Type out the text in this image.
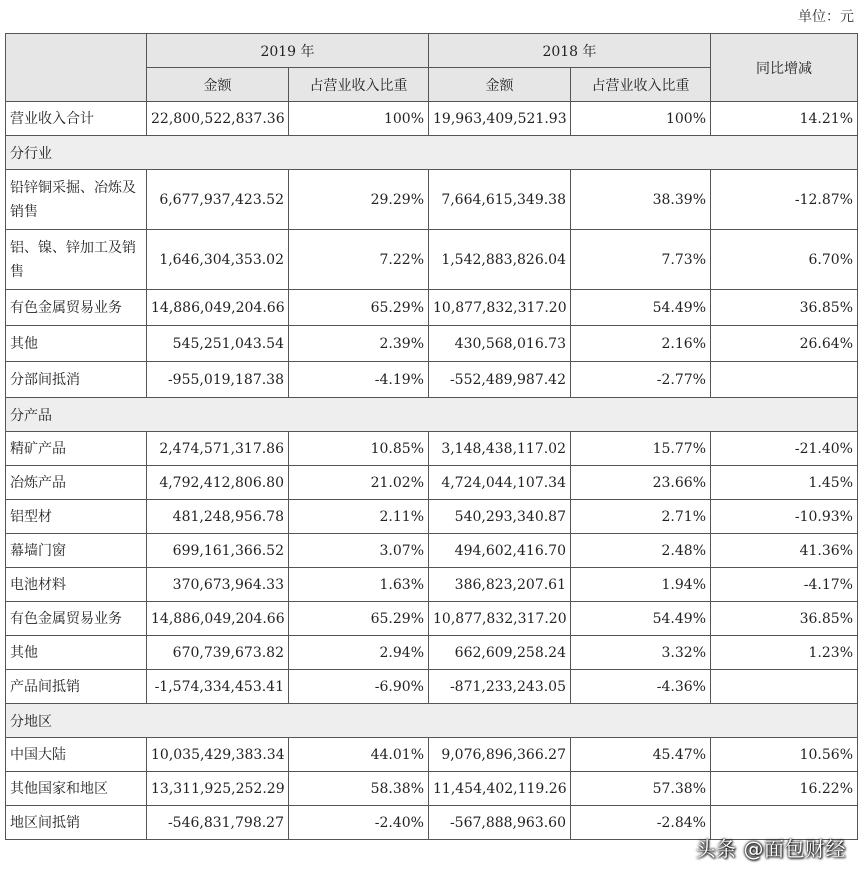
单位：元
	2019 年		2018 年		同比增减
	金额	占营业收入比重	金额	占营业收入比重	
营业收入合计	22,800,522,837.36	100%	19,963,409,521.93	100%	14.21%
分行业					
铅锌铜采掘、冶炼及销售	6,677,937,423.52	29.29%	7,664,615,349.38	38.39%	-12.87%
铝、镍、锌加工及销售	1,646,304,353.02	7.22%	1,542,883,826.04	7.73%	6.70%
有色金属贸易业务	14,886,049,204.66	65.29%	10,877,832,317.20	54.49%	36.85%
其他	545,251,043.54	2.39%	430,568,016.73	2.16%	26.64%
分部间抵消	-955,019,187.38	-4.19%	-552,489,987.42	-2.77%	
分产品					
精矿产品	2,474,571,317.86	10.85%	3,148,438,117.02	15.77%	-21.40%
冶炼产品	4,792,412,806.80	21.02%	4,724,044,107.34	23.66%	1.45%
铝型材	481,248,956.78	2.11%	540,293,340.87	2.71%	-10.93%
幕墙门窗	699,161,366.52	3.07%	494,602,416.70	2.48%	41.36%
电池材料	370,673,964.33	1.63%	386,823,207.61	1.94%	-4.17%
有色金属贸易业务	14,886,049,204.66	65.29%	10,877,832,317.20	54.49%	36.85%
其他	670,739,673.82	2.94%	662,609,258.24	3.32%	1.23%
产品间抵销	-1,574,334,453.41	-6.90%	-871,233,243.05	-4.36%	
分地区					
中国大陆	10,035,429,383.34	44.01%	9,076,896,366.27	45.47%	10.56%
其他国家和地区	13,311,925,252.29	58.38%	11,454,402,119.26	57.38%	16.22%
地区间抵销	-546,831,798.27	-2.40%	-567,888,963.60	-2.84%	
头条 @面包财经
